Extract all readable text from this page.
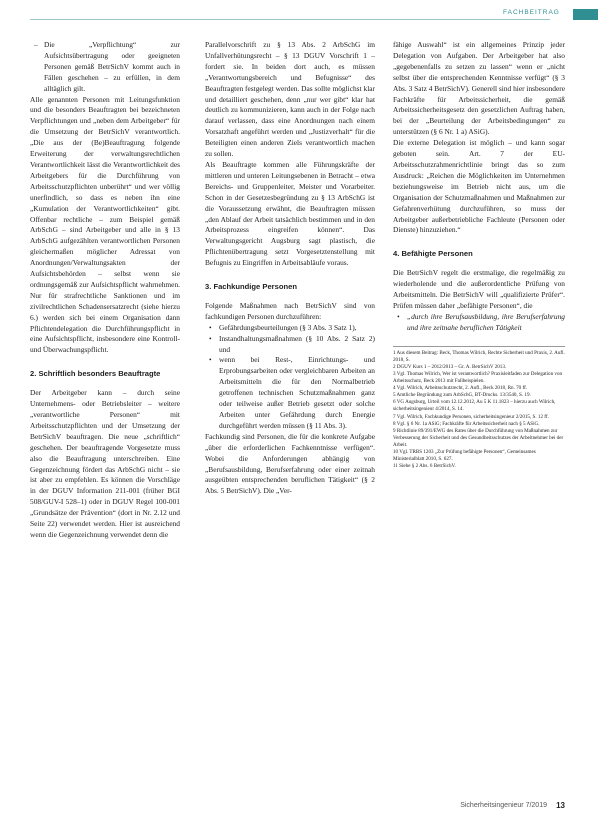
FACHBEITRAG

– Die „Verpflichtung“ zur Aufsichtsübertragung oder geeigneten Personen gemäß BetrSichV kommt auch in Fällen geschehen – zu erfüllen, in dem alltäglich gilt.

Alle genannten Personen mit Leitungsfunktion und die besonders Beauftragten bei bezeichneten Verpflichtungen und „neben dem Arbeitgeber“ für die Umsetzung der BetrSichV verantwortlich. „Die aus der (Be)Beauftragung folgende Erweiterung der verwaltungsrechtlichen Verantwortlichkeit lässt die Verantwortlichkeit des Arbeitgebers für die Durchführung von Arbeitsschutzpflichten unberührt“ und wer völlig unerfindlich, so dass es neben ihn eine „Kumulation der Verantwortlichkeiten“ gibt. Offenbar rechtliche – zum Beispiel gemäß ArbSchG – sind Arbeitgeber und alle in § 13 ArbSchG aufgezählten verantwortlichen Personen gleichermaßen möglicher Adressat von Anordnungen/Verwaltungsakten der Aufsichtsbehörden – selbst wenn sie ordnungsgemäß zur Aufsichtspflicht wahrnehmen. Nur für strafrechtliche Sanktionen und im zivilrechtlichen Schadensersatzrecht (siehe hierzu 6.) werden sich bei einem Organisation dann Pflichtendelegation die Durchführungspflicht in eine Aufsichtspflicht, insbesondere eine Kontroll- und Überwachungspflicht.

2. Schriftlich besonders Beauftragte

Der Arbeitgeber kann – durch seine Unternehmens- oder Betriebsleiter – weitere „verantwortliche Personen“ mit Arbeitsschutzpflichten und der Umsetzung der BetrSichV beauftragen. Die neue „schriftlich“ geschehen. Der beauftragende Vorgesetzte muss also die Beauftragung unterschreiben. Eine Gegenzeichnung fördert das ArbSchG nicht – sie ist aber zu empfehlen. Es können die Vorschläge in der DGUV Information 211-001 (früher BGI 508/GUV-I 528–1) oder in DGUV Regel 100-001 „Grundsätze der Prävention“ (dort in Nr. 2.12 und Seite 22) verwendet werden. Hier ist ausreichend wenn die Gegenzeichnung verwendet denn die

Parallelvorschrift zu § 13 Abs. 2 ArbSchG im Unfallverhütungsrecht – § 13 DGUV Vorschrift 1 – fordert sie. In beiden dort auch, es müssen „Verantwortungsbereich und Befugnisse“ des Beauftragten festgelegt werden. Das sollte möglichst klar und detailliert geschehen, denn „nur wer gibt“ klar hat deutlich zu kommunizieren, kann auch in der Folge nach darauf verlassen, dass eine Anordnungen nach einem Vorsatzhaft angeführt werden und „Justizverhalt“ für die Beteiligten einen anderen Ziels verantwortlich machen zu sollen.

Als Beauftragte kommen alle Führungskräfte der mittleren und unteren Leitungsebenen in Betracht – etwa Bereichs- und Gruppenleiter, Meister und Vorarbeiter. Schon in der Gesetzesbegründung zu § 13 ArbSchG ist die Voraussetzung erwähnt, die Beauftragten müssen „den Ablauf der Arbeit tatsächlich bestimmen und in den Arbeitsprozess eingreifen können“. Das Verwaltungsgericht Augsburg sagt plastisch, die Pflichtenübertragung setzt Vorgesetztenstellung mit Befugnis zu Eingriffen in Arbeitsabläufe voraus.

3. Fachkundige Personen

Folgende Maßnahmen nach BetrSichV sind von fachkundigen Personen durchzuführen:

• Gefährdungsbeurteilungen (§ 3 Abs. 3 Satz 1),

• Instandhaltungsmaßnahmen (§ 10 Abs. 2 Satz 2) und

• wenn bei Rest-, Einrichtungs- und Erprobungsarbeiten oder vergleichbaren Arbeiten an Arbeitsmitteln die für den Normalbetrieb getroffenen technischen Schutzmaßnahmen ganz oder teilweise außer Betrieb gesetzt oder solche Arbeiten unter Gefährdung durch Energie durchgeführt werden müssen (§ 11 Abs. 3).

Fachkundig sind Personen, die für die konkrete Aufgabe „über die erforderlichen Fachkenntnisse verfügen“. Wobei die Anforderungen abhängig von „Berufsausbildung, Berufserfahrung oder einer zeitnah ausgeübten entsprechenden beruflichen Tätigkeit“ (§ 2 Abs. 5 BetrSichV). Die „Ver-

fähige Auswahl“ ist ein allgemeines Prinzip jeder Delegation von Aufgaben. Der Arbeitgeber hat also „gegebenenfalls zu setzen zu lassen“ wenn er „nicht selbst über die entsprechenden Kenntnisse verfügt“ (§ 3 Abs. 3 Satz 4 BetrSichV). Generell sind hier insbesondere Fachkräfte für Arbeitssicherheit, die gemäß Arbeitssicherheitsgesetz den gesetzlichen Auftrag haben, bei der „Beurteilung der Arbeitsbedingungen“ zu unterstützen (§ 6 Nr. 1 a) ASiG).

Die externe Delegation ist möglich – und kann sogar geboten sein. Art. 7 der EU-Arbeitsschutzrahmenrichtlinie bringt das so zum Ausdruck: „Reichen die Möglichkeiten im Unternehmen beziehungsweise im Betrieb nicht aus, um die Organisation der Schutzmaßnahmen und Maßnahmen zur Gefahrenverhütung durchzuführen, so muss der Arbeitgeber außerbetriebliche Fachleute (Personen oder Dienste) hinzuziehen.“

4. Befähigte Personen

Die BetrSichV regelt die erstmalige, die regelmäßig zu wiederholende und die außerordentliche Prüfung von Arbeitsmitteln. Die BetrSichV will „qualifizierte Prüfer“. Prüfen müssen daher „befähigte Personen“, die

• „durch ihre Berufsausbildung, ihre Berufserfahrung und ihre zeitnahe beruflichen Tätigkeit

1 Aus diesem Beitrag: Beck, Thomas Wilrich, Rechte Sicherheit und Praxis, 2. Aufl. 2018, S.
2 DGUV Kurs 1 – 2012/2013 – Gr. A. BetrSichV 2013.
3 Vgl. Thomas Wilrich, Wer ist verantwortlich? Praxisleitfaden zur Delegation von Arbeitsschutz, Beck 2013 mit Fallbeispielen.
4 Vgl. Wilrich, Arbeitsschutzrecht, 2. Aufl., Beck 2018, Rn. 70 ff.
5 Amtliche Begründung zum ArbSchG, BT-Drucks. 13/3540, S. 19.
6 VG Augsburg, Urteil vom 12.12.2012, Au 5 K 11.1823 – hierzu auch Wilrich, sicherheitsingenieur 4/2014, S. 14.
7 Vgl. Wilrich, Fachkundige Personen, sicherheitsingenieur 2/2015, S. 12 ff.
8 Vgl. § 6 Nr. 1a ASiG; Fachkräfte für Arbeitssicherheit nach § 5 ASiG.
9 Richtlinie 89/391/EWG des Rates über die Durchführung von Maßnahmen zur Verbesserung der Sicherheit und des Gesundheitsschutzes der Arbeitnehmer bei der Arbeit.
10 Vgl. TRBS 1203 „Zur Prüfung befähigte Personen“, Gemeinsames Ministerialblatt 2010, S. 627.
11 Siehe § 2 Abs. 6 BetrSichV.
Sicherheitsingenieur 7/2019 13
